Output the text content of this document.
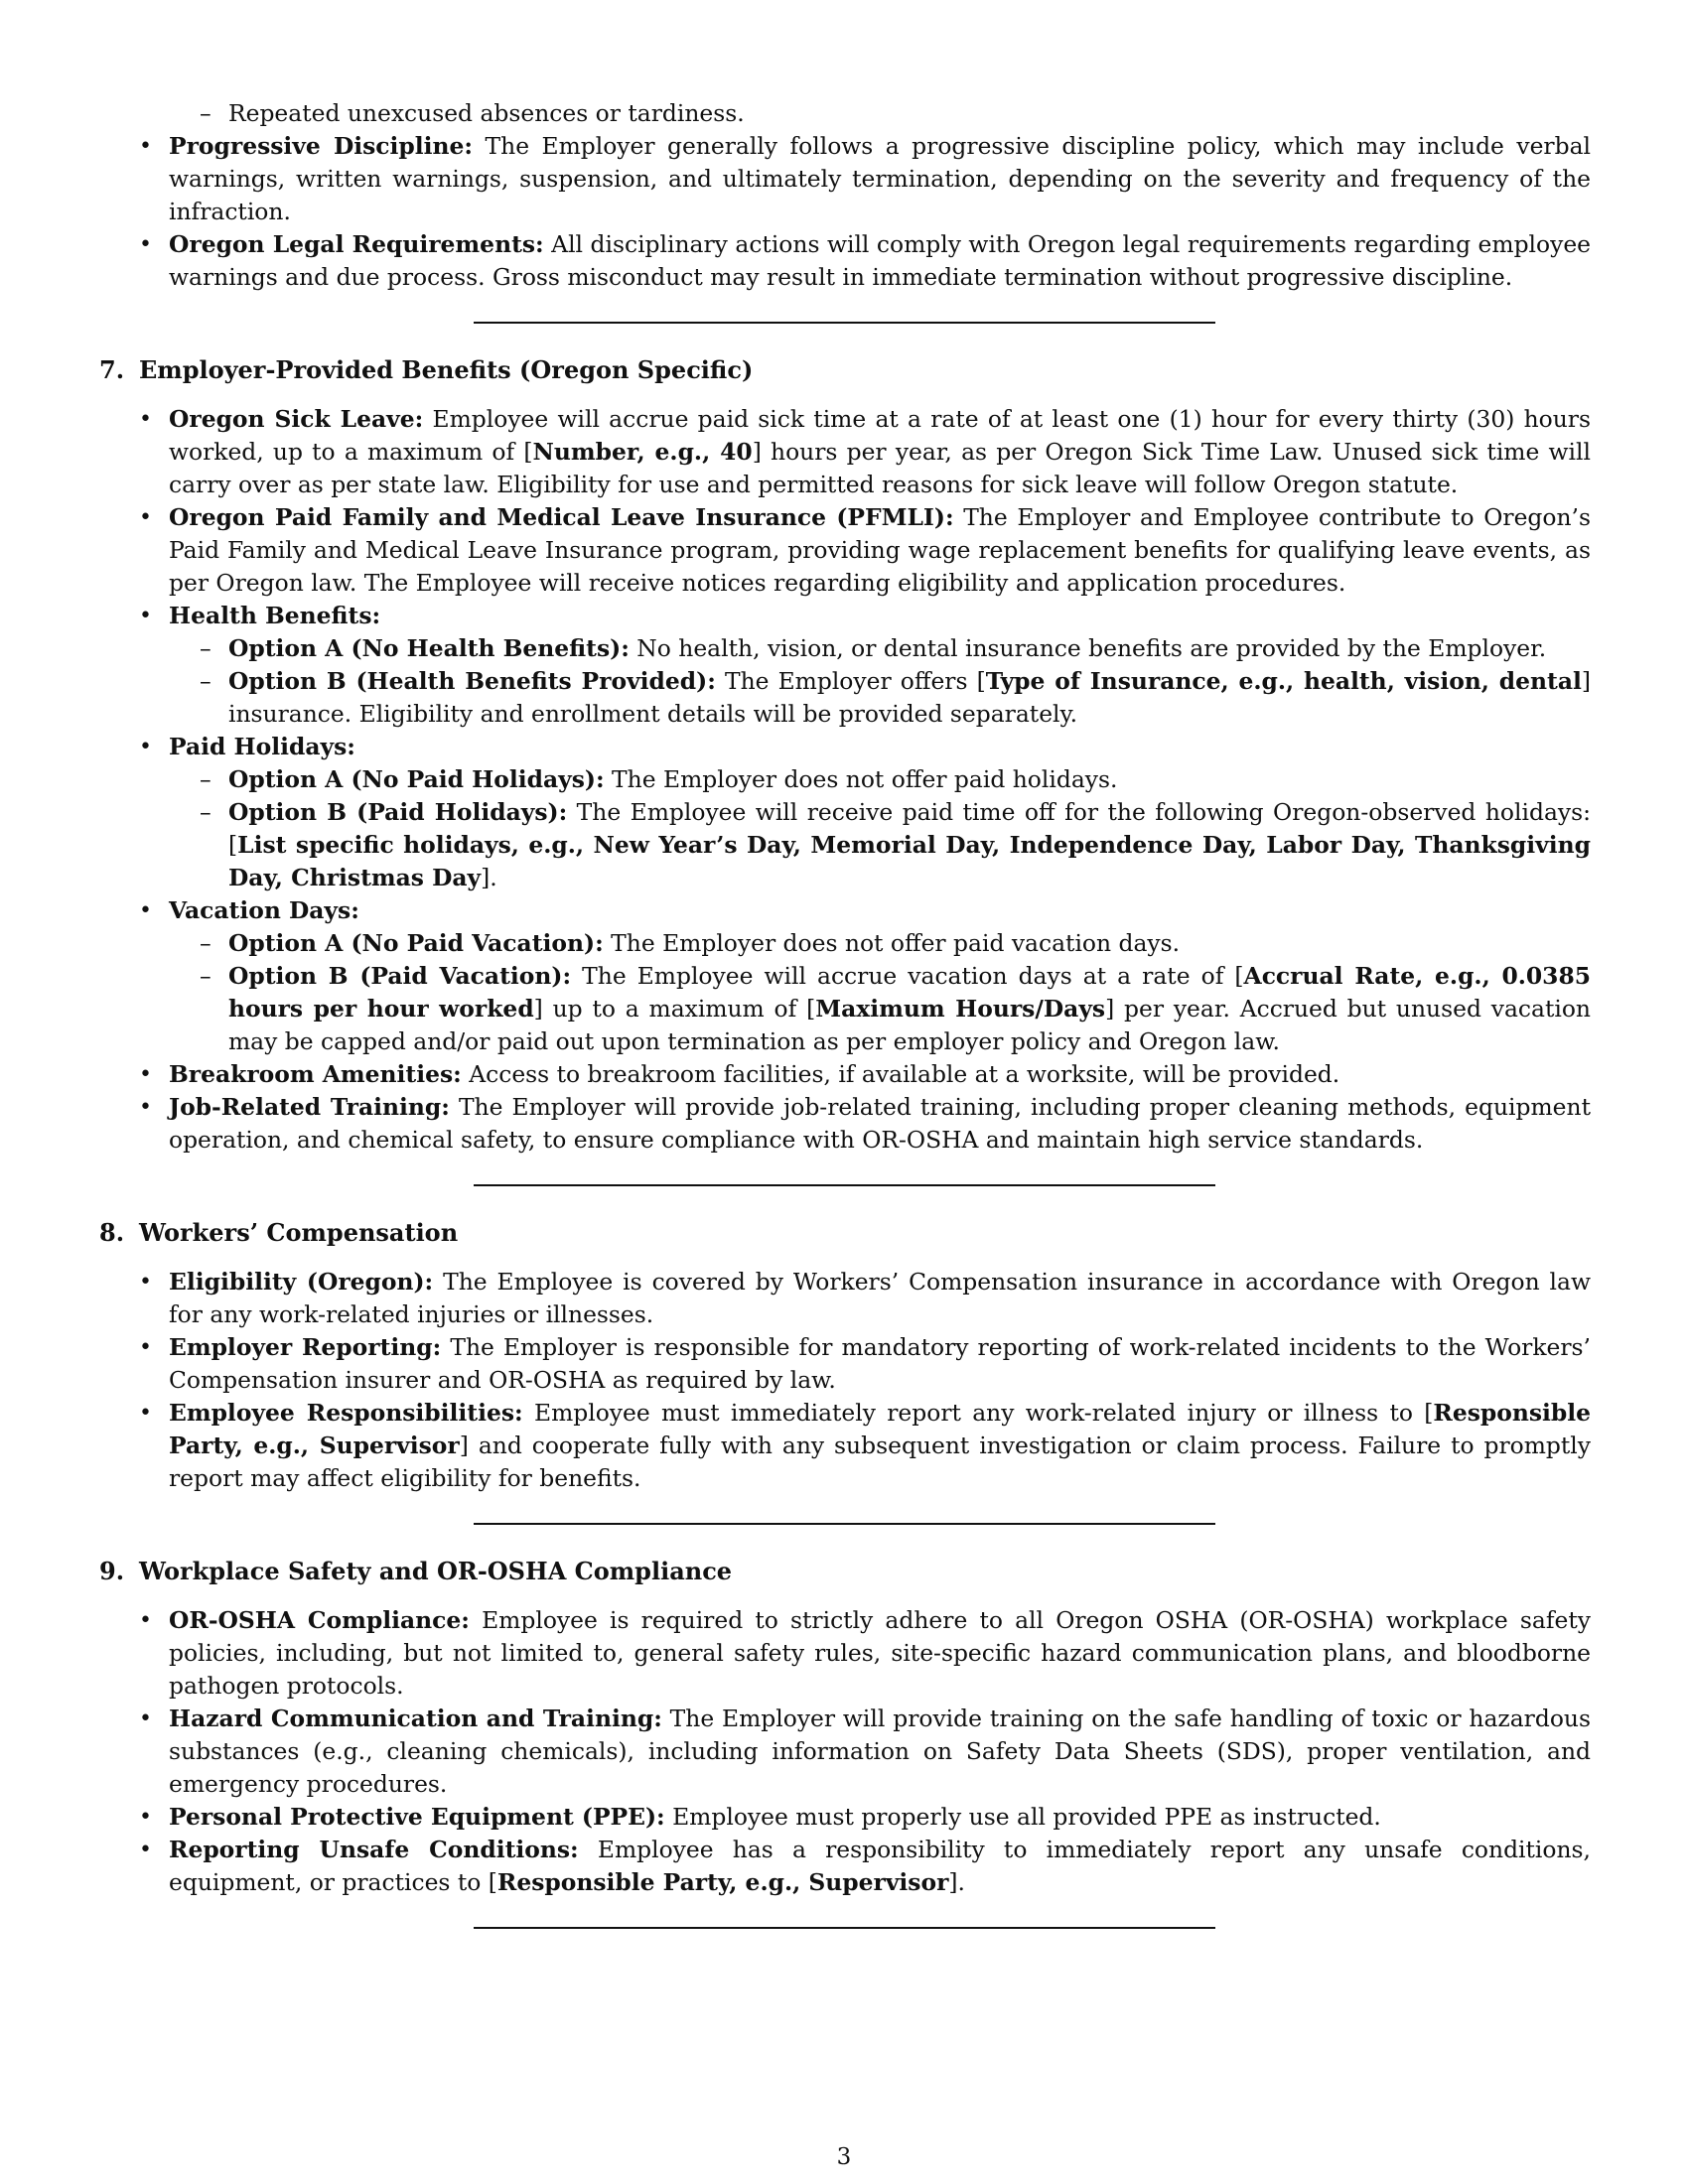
– Repeated unexcused absences or tardiness.
• Progressive Discipline: The Employer generally follows a progressive discipline policy, which may include verbal warnings, written warnings, suspension, and ultimately termination, depending on the severity and frequency of the infraction.
• Oregon Legal Requirements: All disciplinary actions will comply with Oregon legal requirements regarding employee warnings and due process. Gross misconduct may result in immediate termination without progressive discipline.
7. Employer-Provided Benefits (Oregon Specific)
• Oregon Sick Leave: Employee will accrue paid sick time at a rate of at least one (1) hour for every thirty (30) hours worked, up to a maximum of [Number, e.g., 40] hours per year, as per Oregon Sick Time Law. Unused sick time will carry over as per state law. Eligibility for use and permitted reasons for sick leave will follow Oregon statute.
• Oregon Paid Family and Medical Leave Insurance (PFMLI): The Employer and Employee contribute to Oregon’s Paid Family and Medical Leave Insurance program, providing wage replacement benefits for qualifying leave events, as per Oregon law. The Employee will receive notices regarding eligibility and application procedures.
• Health Benefits:
– Option A (No Health Benefits): No health, vision, or dental insurance benefits are provided by the Employer.
– Option B (Health Benefits Provided): The Employer offers [Type of Insurance, e.g., health, vision, dental] insurance. Eligibility and enrollment details will be provided separately.
• Paid Holidays:
– Option A (No Paid Holidays): The Employer does not offer paid holidays.
– Option B (Paid Holidays): The Employee will receive paid time off for the following Oregon-observed holidays: [List specific holidays, e.g., New Year’s Day, Memorial Day, Independence Day, Labor Day, Thanksgiving Day, Christmas Day].
• Vacation Days:
– Option A (No Paid Vacation): The Employer does not offer paid vacation days.
– Option B (Paid Vacation): The Employee will accrue vacation days at a rate of [Accrual Rate, e.g., 0.0385 hours per hour worked] up to a maximum of [Maximum Hours/Days] per year. Accrued but unused vacation may be capped and/or paid out upon termination as per employer policy and Oregon law.
• Breakroom Amenities: Access to breakroom facilities, if available at a worksite, will be provided.
• Job-Related Training: The Employer will provide job-related training, including proper cleaning methods, equipment operation, and chemical safety, to ensure compliance with OR-OSHA and maintain high service standards.
8. Workers’ Compensation
• Eligibility (Oregon): The Employee is covered by Workers’ Compensation insurance in accordance with Oregon law for any work-related injuries or illnesses.
• Employer Reporting: The Employer is responsible for mandatory reporting of work-related incidents to the Workers’ Compensation insurer and OR-OSHA as required by law.
• Employee Responsibilities: Employee must immediately report any work-related injury or illness to [Responsible Party, e.g., Supervisor] and cooperate fully with any subsequent investigation or claim process. Failure to promptly report may affect eligibility for benefits.
9. Workplace Safety and OR-OSHA Compliance
• OR-OSHA Compliance: Employee is required to strictly adhere to all Oregon OSHA (OR-OSHA) workplace safety policies, including, but not limited to, general safety rules, site-specific hazard communication plans, and bloodborne pathogen protocols.
• Hazard Communication and Training: The Employer will provide training on the safe handling of toxic or hazardous substances (e.g., cleaning chemicals), including information on Safety Data Sheets (SDS), proper ventilation, and emergency procedures.
• Personal Protective Equipment (PPE): Employee must properly use all provided PPE as instructed.
• Reporting Unsafe Conditions: Employee has a responsibility to immediately report any unsafe conditions, equipment, or practices to [Responsible Party, e.g., Supervisor].
3
